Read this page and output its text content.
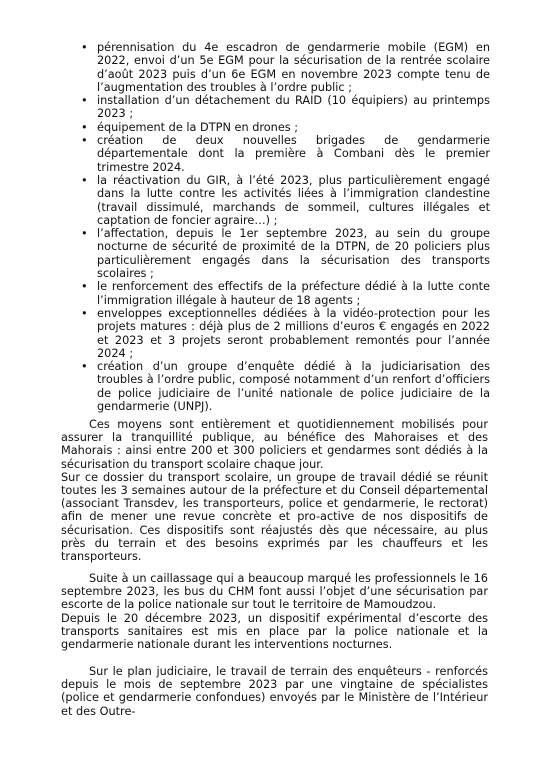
• pérennisation du 4e escadron de gendarmerie mobile (EGM) en 2022, envoi d’un 5e EGM pour la sécurisation de la rentrée scolaire d’août 2023 puis d’un 6e EGM en novembre 2023 compte tenu de l’augmentation des troubles à l’ordre public ;
• installation d’un détachement du RAID (10 équipiers) au printemps 2023 ;
• équipement de la DTPN en drones ;
• création de deux nouvelles brigades de gendarmerie départementale dont la première à Combani dès le premier trimestre 2024.
• la réactivation du GIR, à l’été 2023, plus particulièrement engagé dans la lutte contre les activités liées à l’immigration clandestine (travail dissimulé, marchands de sommeil, cultures illégales et captation de foncier agraire…) ;
• l’affectation, depuis le 1er septembre 2023, au sein du groupe nocturne de sécurité de proximité de la DTPN, de 20 policiers plus particulièrement engagés dans la sécurisation des transports scolaires ;
• le renforcement des effectifs de la préfecture dédié à la lutte conte l’immigration illégale à hauteur de 18 agents ;
• enveloppes exceptionnelles dédiées à la vidéo-protection pour les projets matures : déjà plus de 2 millions d’euros € engagés en 2022 et 2023 et 3 projets seront probablement remontés pour l’année 2024 ;
• création d’un groupe d’enquête dédié à la judiciarisation des troubles à l’ordre public, composé notamment d’un renfort d’officiers de police judiciaire de l’unité nationale de police judiciaire de la gendarmerie (UNPJ).
Ces moyens sont entièrement et quotidiennement mobilisés pour assurer la tranquillité publique, au bénéfice des Mahoraises et des Mahorais : ainsi entre 200 et 300 policiers et gendarmes sont dédiés à la sécurisation du transport scolaire chaque jour.
Sur ce dossier du transport scolaire, un groupe de travail dédié se réunit toutes les 3 semaines autour de la préfecture et du Conseil départemental (associant Transdev, les transporteurs, police et gendarmerie, le rectorat) afin de mener une revue concrète et pro-active de nos dispositifs de sécurisation. Ces dispositifs sont réajustés dès que nécessaire, au plus près du terrain et des besoins exprimés par les chauffeurs et les transporteurs.
Suite à un caillassage qui a beaucoup marqué les professionnels le 16 septembre 2023, les bus du CHM font aussi l’objet d’une sécurisation par escorte de la police nationale sur tout le territoire de Mamoudzou.
Depuis le 20 décembre 2023, un dispositif expérimental d’escorte des transports sanitaires est mis en place par la police nationale et la gendarmerie nationale durant les interventions nocturnes.
Sur le plan judiciaire, le travail de terrain des enquêteurs - renforcés depuis le mois de septembre 2023 par une vingtaine de spécialistes (police et gendarmerie confondues) envoyés par le Ministère de l’Intérieur et des Outre-
